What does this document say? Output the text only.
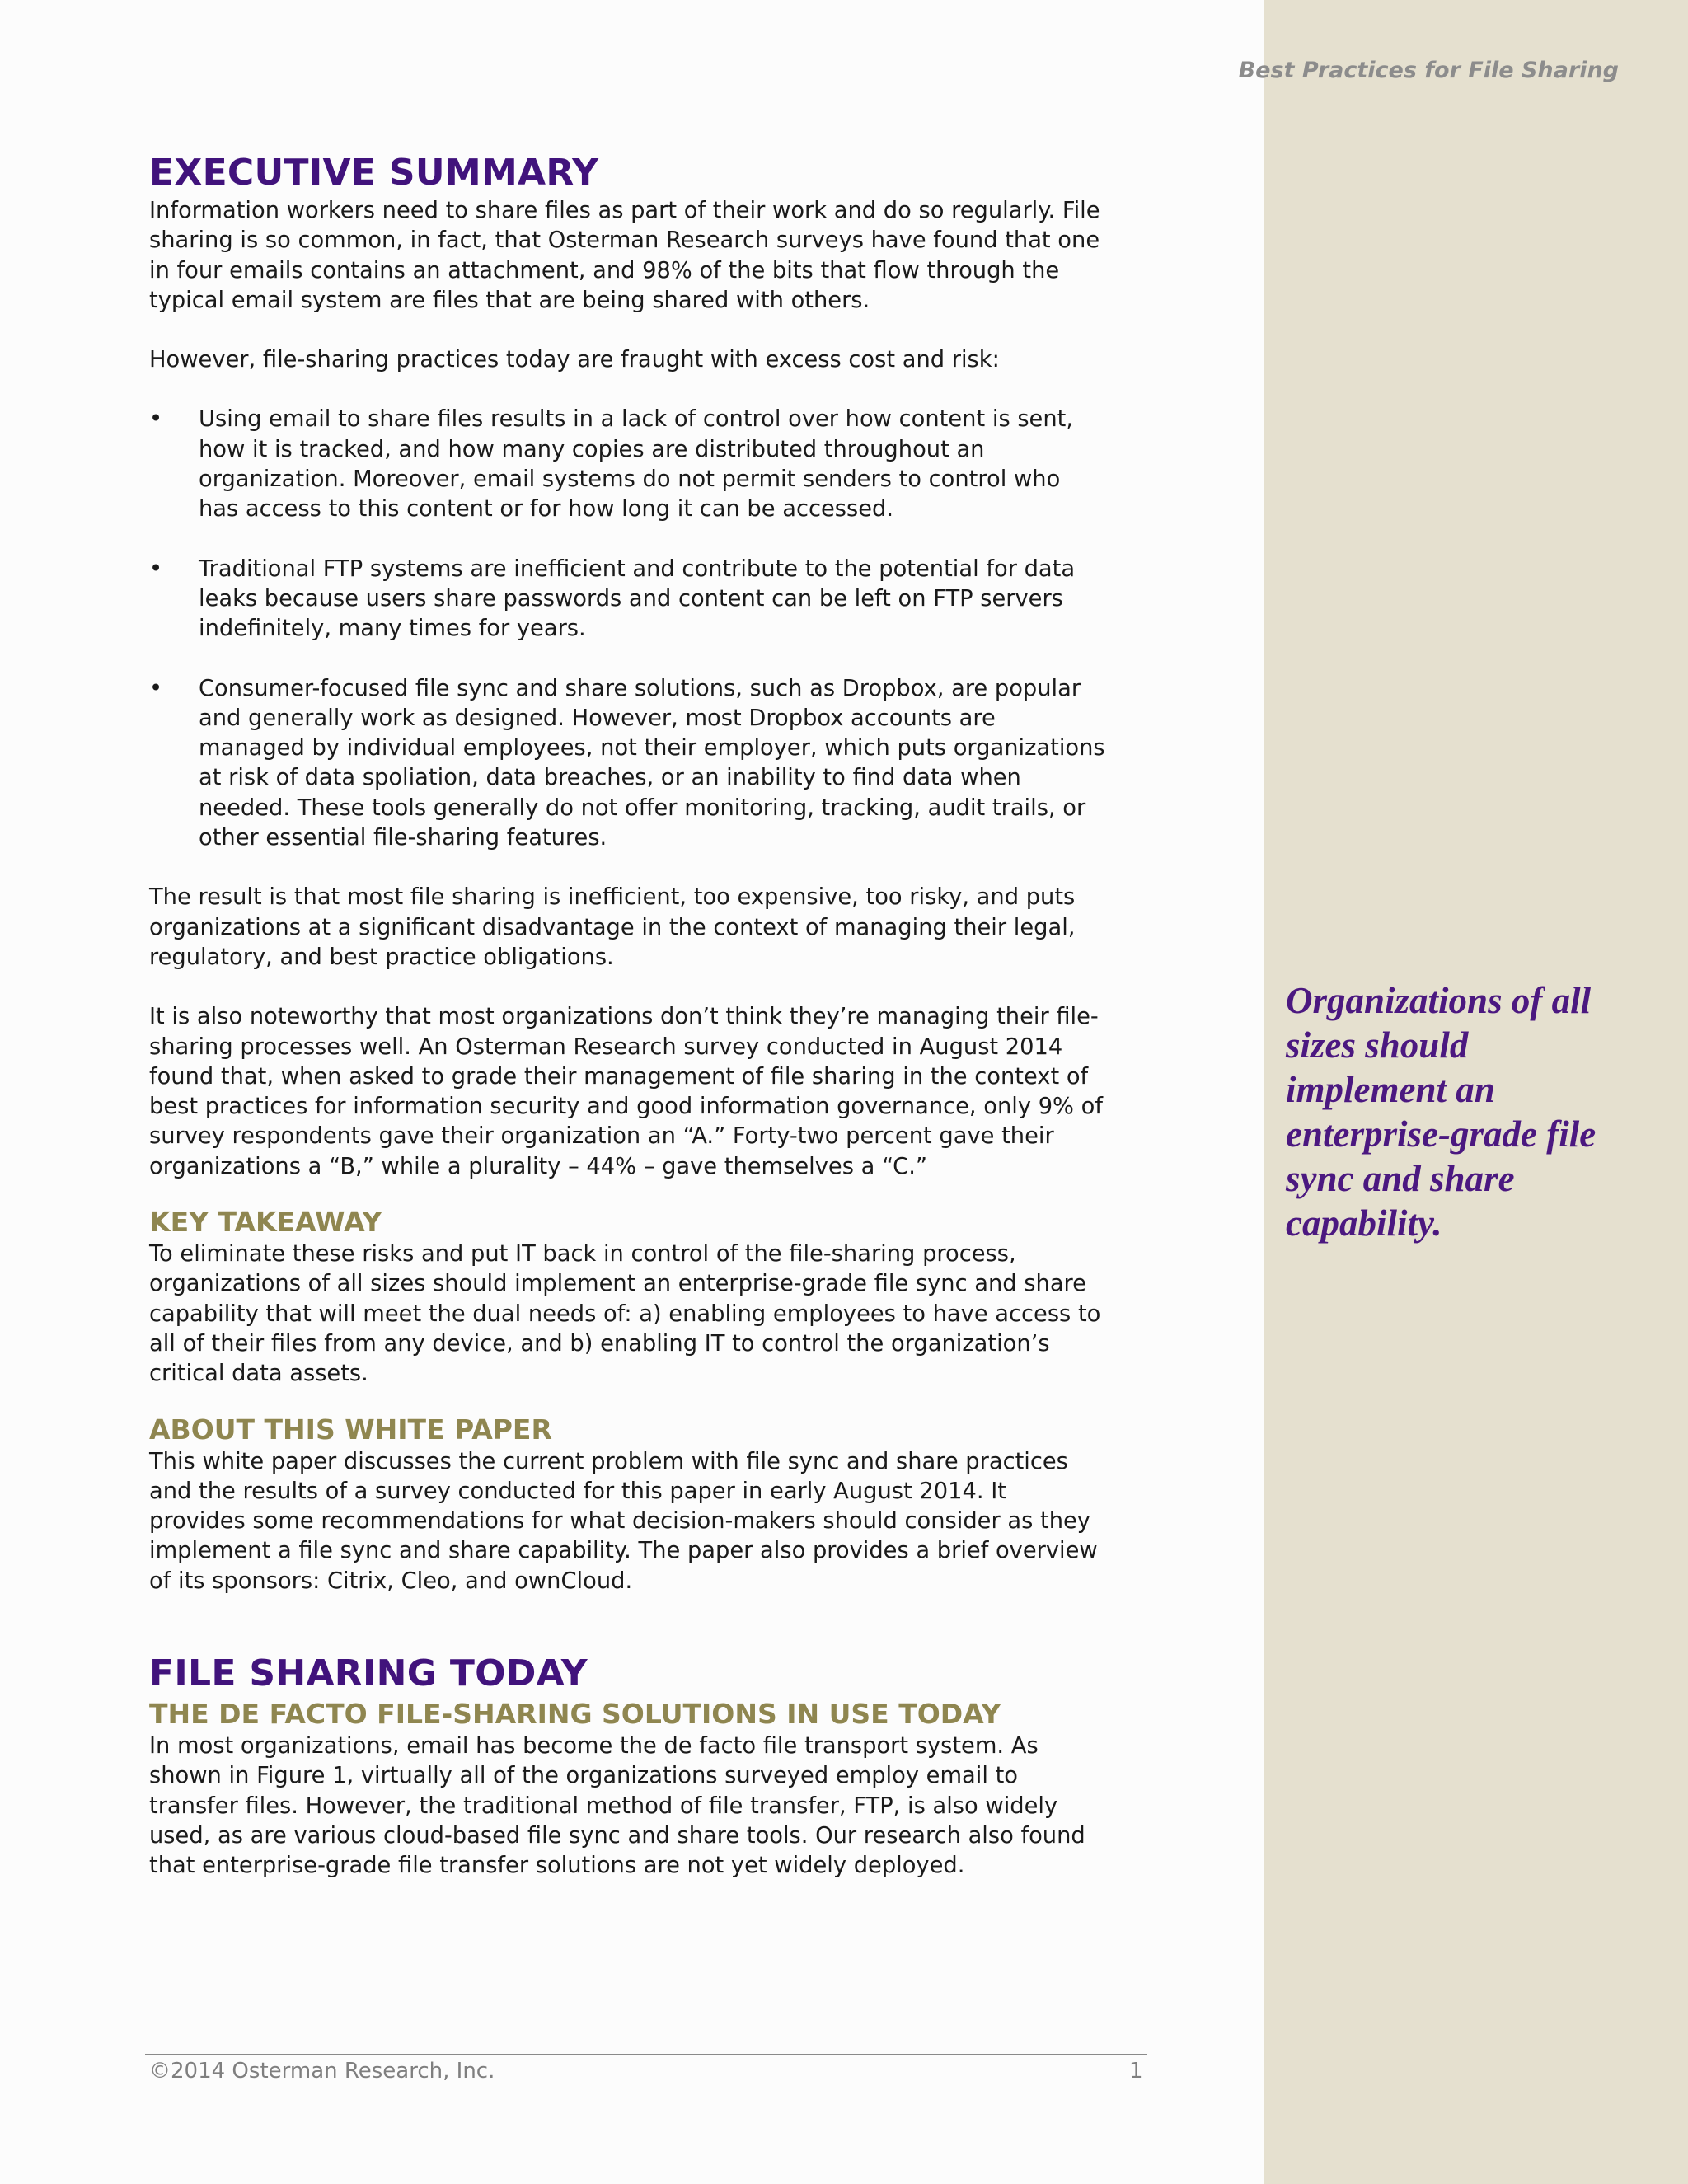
Best Practices for File Sharing
Organizations of all sizes should implement an enterprise-grade file sync and share capability.
EXECUTIVE SUMMARY

Information workers need to share files as part of their work and do so regularly. File sharing is so common, in fact, that Osterman Research surveys have found that one in four emails contains an attachment, and 98% of the bits that flow through the typical email system are files that are being shared with others.

However, file-sharing practices today are fraught with excess cost and risk:

• Using email to share files results in a lack of control over how content is sent, how it is tracked, and how many copies are distributed throughout an organization. Moreover, email systems do not permit senders to control who has access to this content or for how long it can be accessed.
• Traditional FTP systems are inefficient and contribute to the potential for data leaks because users share passwords and content can be left on FTP servers indefinitely, many times for years.
• Consumer-focused file sync and share solutions, such as Dropbox, are popular and generally work as designed. However, most Dropbox accounts are managed by individual employees, not their employer, which puts organizations at risk of data spoliation, data breaches, or an inability to find data when needed. These tools generally do not offer monitoring, tracking, audit trails, or other essential file-sharing features.

The result is that most file sharing is inefficient, too expensive, too risky, and puts organizations at a significant disadvantage in the context of managing their legal, regulatory, and best practice obligations.

It is also noteworthy that most organizations don’t think they’re managing their file-sharing processes well. An Osterman Research survey conducted in August 2014 found that, when asked to grade their management of file sharing in the context of best practices for information security and good information governance, only 9% of survey respondents gave their organization an “A.” Forty-two percent gave their organizations a “B,” while a plurality – 44% – gave themselves a “C.”

KEY TAKEAWAY

To eliminate these risks and put IT back in control of the file-sharing process, organizations of all sizes should implement an enterprise-grade file sync and share capability that will meet the dual needs of: a) enabling employees to have access to all of their files from any device, and b) enabling IT to control the organization’s critical data assets.

ABOUT THIS WHITE PAPER

This white paper discusses the current problem with file sync and share practices and the results of a survey conducted for this paper in early August 2014. It provides some recommendations for what decision-makers should consider as they implement a file sync and share capability. The paper also provides a brief overview of its sponsors: Citrix, Cleo, and ownCloud.

FILE SHARING TODAY
THE DE FACTO FILE-SHARING SOLUTIONS IN USE TODAY

In most organizations, email has become the de facto file transport system. As shown in Figure 1, virtually all of the organizations surveyed employ email to transfer files. However, the traditional method of file transfer, FTP, is also widely used, as are various cloud-based file sync and share tools. Our research also found that enterprise-grade file transfer solutions are not yet widely deployed.

©2014 Osterman Research, Inc.	1
